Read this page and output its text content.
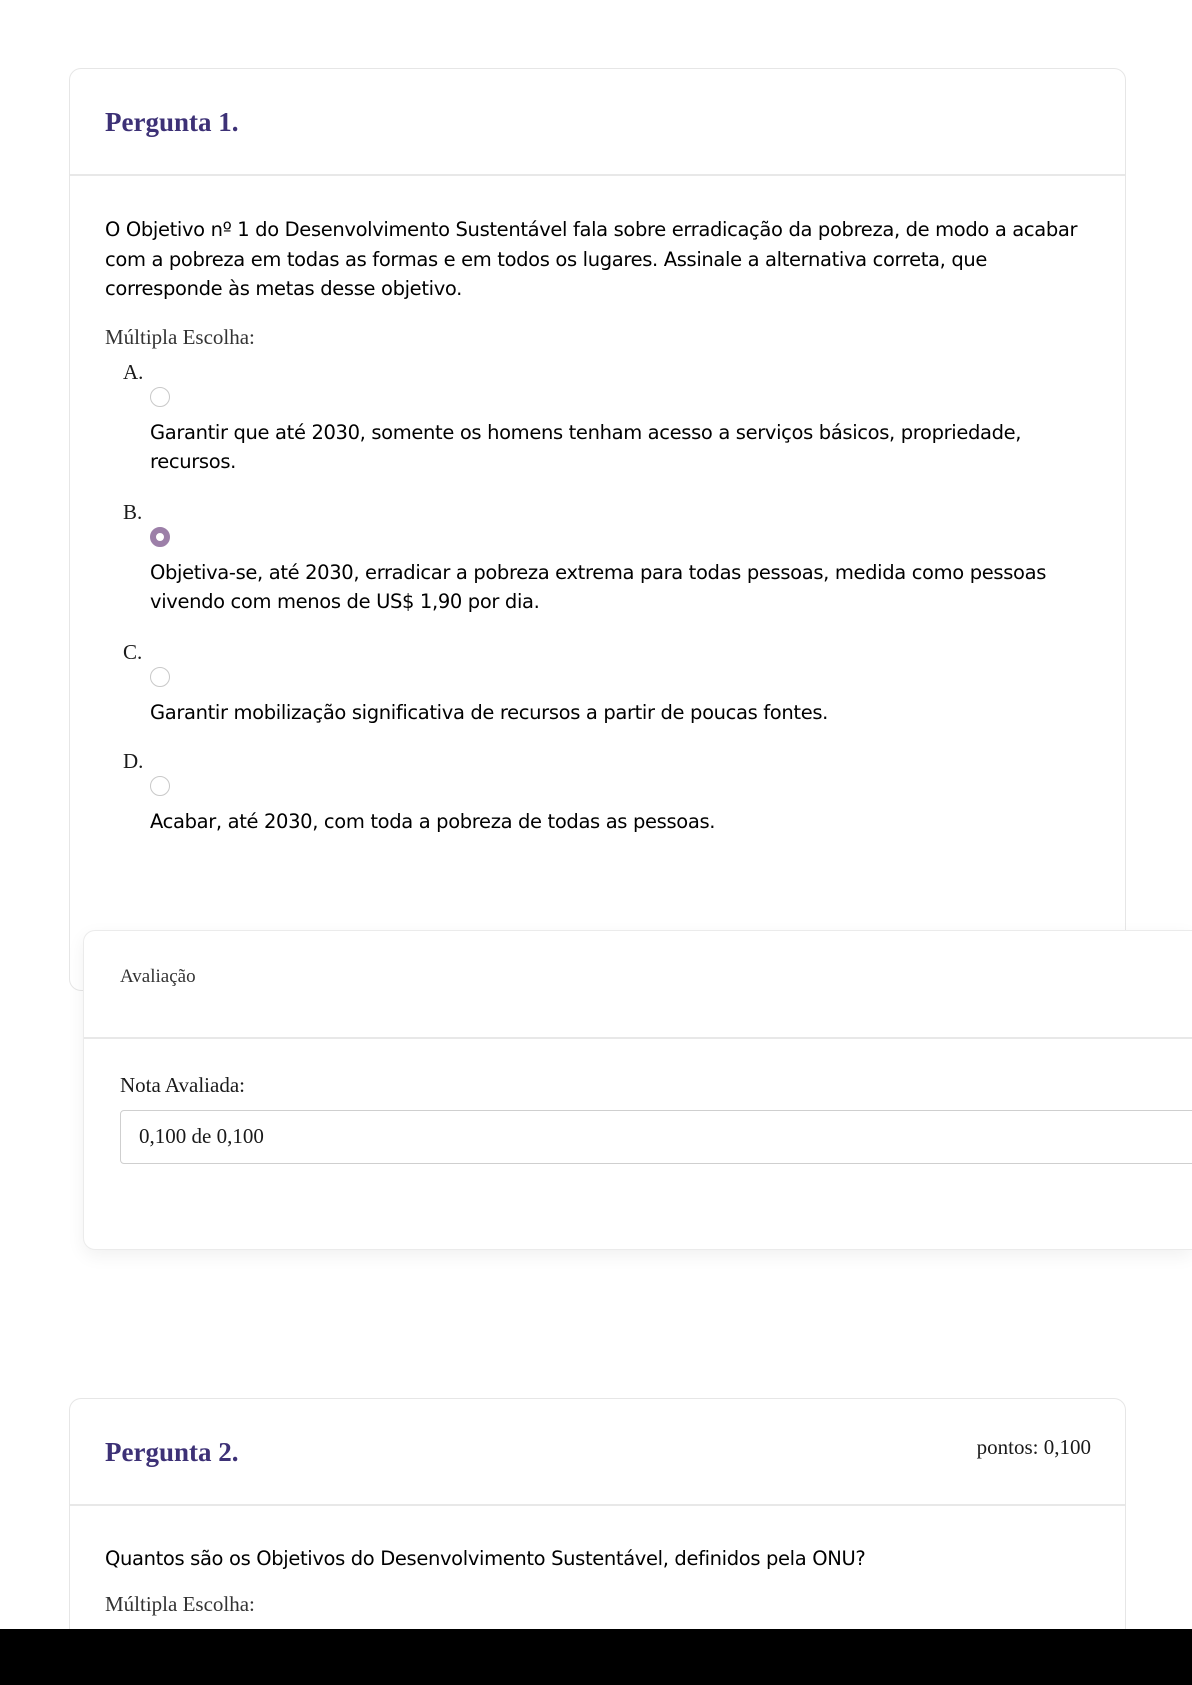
Pergunta 1.

O Objetivo nº 1 do Desenvolvimento Sustentável fala sobre erradicação da pobreza, de modo a acabar com a pobreza em todas as formas e em todos os lugares. Assinale a alternativa correta, que corresponde às metas desse objetivo.

Múltipla Escolha:

A.

Garantir que até 2030, somente os homens tenham acesso a serviços básicos, propriedade, recursos.

B.

Objetiva-se, até 2030, erradicar a pobreza extrema para todas pessoas, medida como pessoas vivendo com menos de US$ 1,90 por dia.

C.

Garantir mobilização significativa de recursos a partir de poucas fontes.

D.

Acabar, até 2030, com toda a pobreza de todas as pessoas.

Avaliação
Nota Avaliada:
0,100 de 0,100
Pergunta 2.	pontos: 0,100

Quantos são os Objetivos do Desenvolvimento Sustentável, definidos pela ONU?

Múltipla Escolha:
